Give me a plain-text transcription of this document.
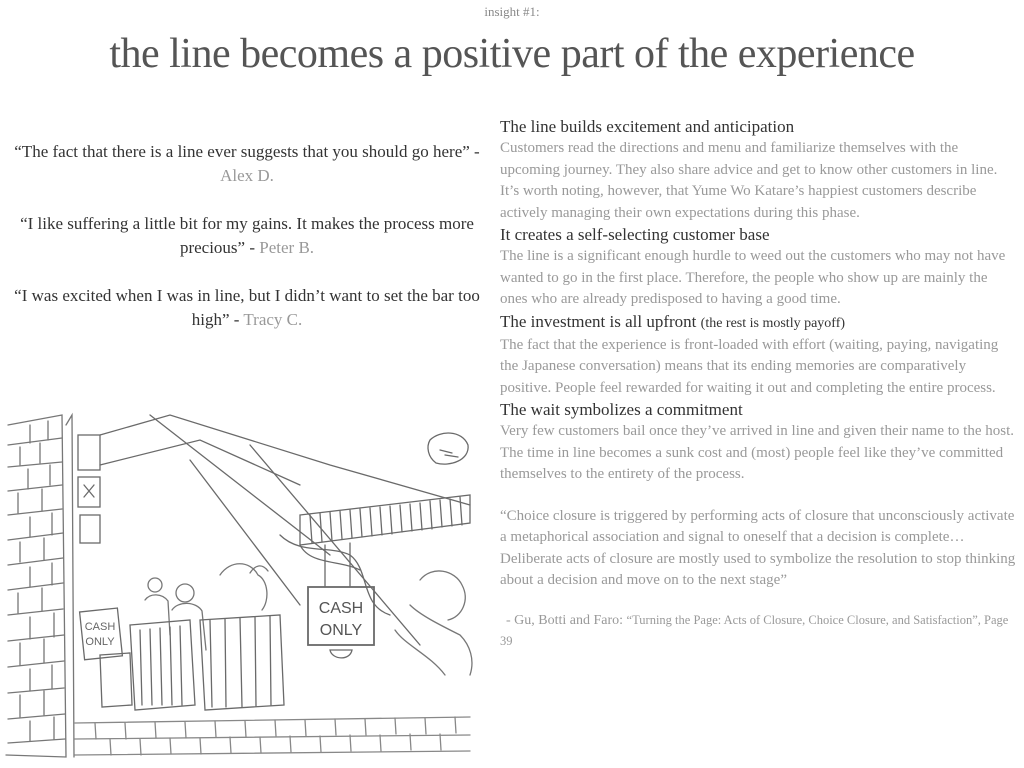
insight #1:
the line becomes a positive part of the experience

“The fact that there is a line ever suggests that you should go here” - Alex D.

“I like suffering a little bit for my gains. It makes the process more precious” - Peter B.

“I was excited when I was in line, but I didn’t want to set the bar too high” - Tracy C.

The line builds excitement and anticipation

Customers read the directions and menu and familiarize themselves with the upcoming journey. They also share advice and get to know other customers in line. It’s worth noting, however, that Yume Wo Katare’s happiest customers describe actively managing their own expectations during this phase.

It creates a self-selecting customer base

The line is a significant enough hurdle to weed out the customers who may not have wanted to go in the first place. Therefore, the people who show up are mainly the ones who are already predisposed to having a good time.

The investment is all upfront (the rest is mostly payoff)

The fact that the experience is front-loaded with effort (waiting, paying, navigating the Japanese conversation) means that its ending memories are comparatively positive. People feel rewarded for waiting it out and completing the entire process.

The wait symbolizes a commitment

Very few customers bail once they’ve arrived in line and given their name to the host. The time in line becomes a sunk cost and (most) people feel like they’ve committed themselves to the entirety of the process.

“Choice closure is triggered by performing acts of closure that unconsciously activate a metaphorical association and signal to oneself that a decision is complete… Deliberate acts of closure are mostly used to symbolize the resolution to stop thinking about a decision and move on to the next stage”

- Gu, Botti and Faro: “Turning the Page: Acts of Closure, Choice Closure, and Satisfaction”, Page 39

CASH
ONLY
CASH
ONLY
